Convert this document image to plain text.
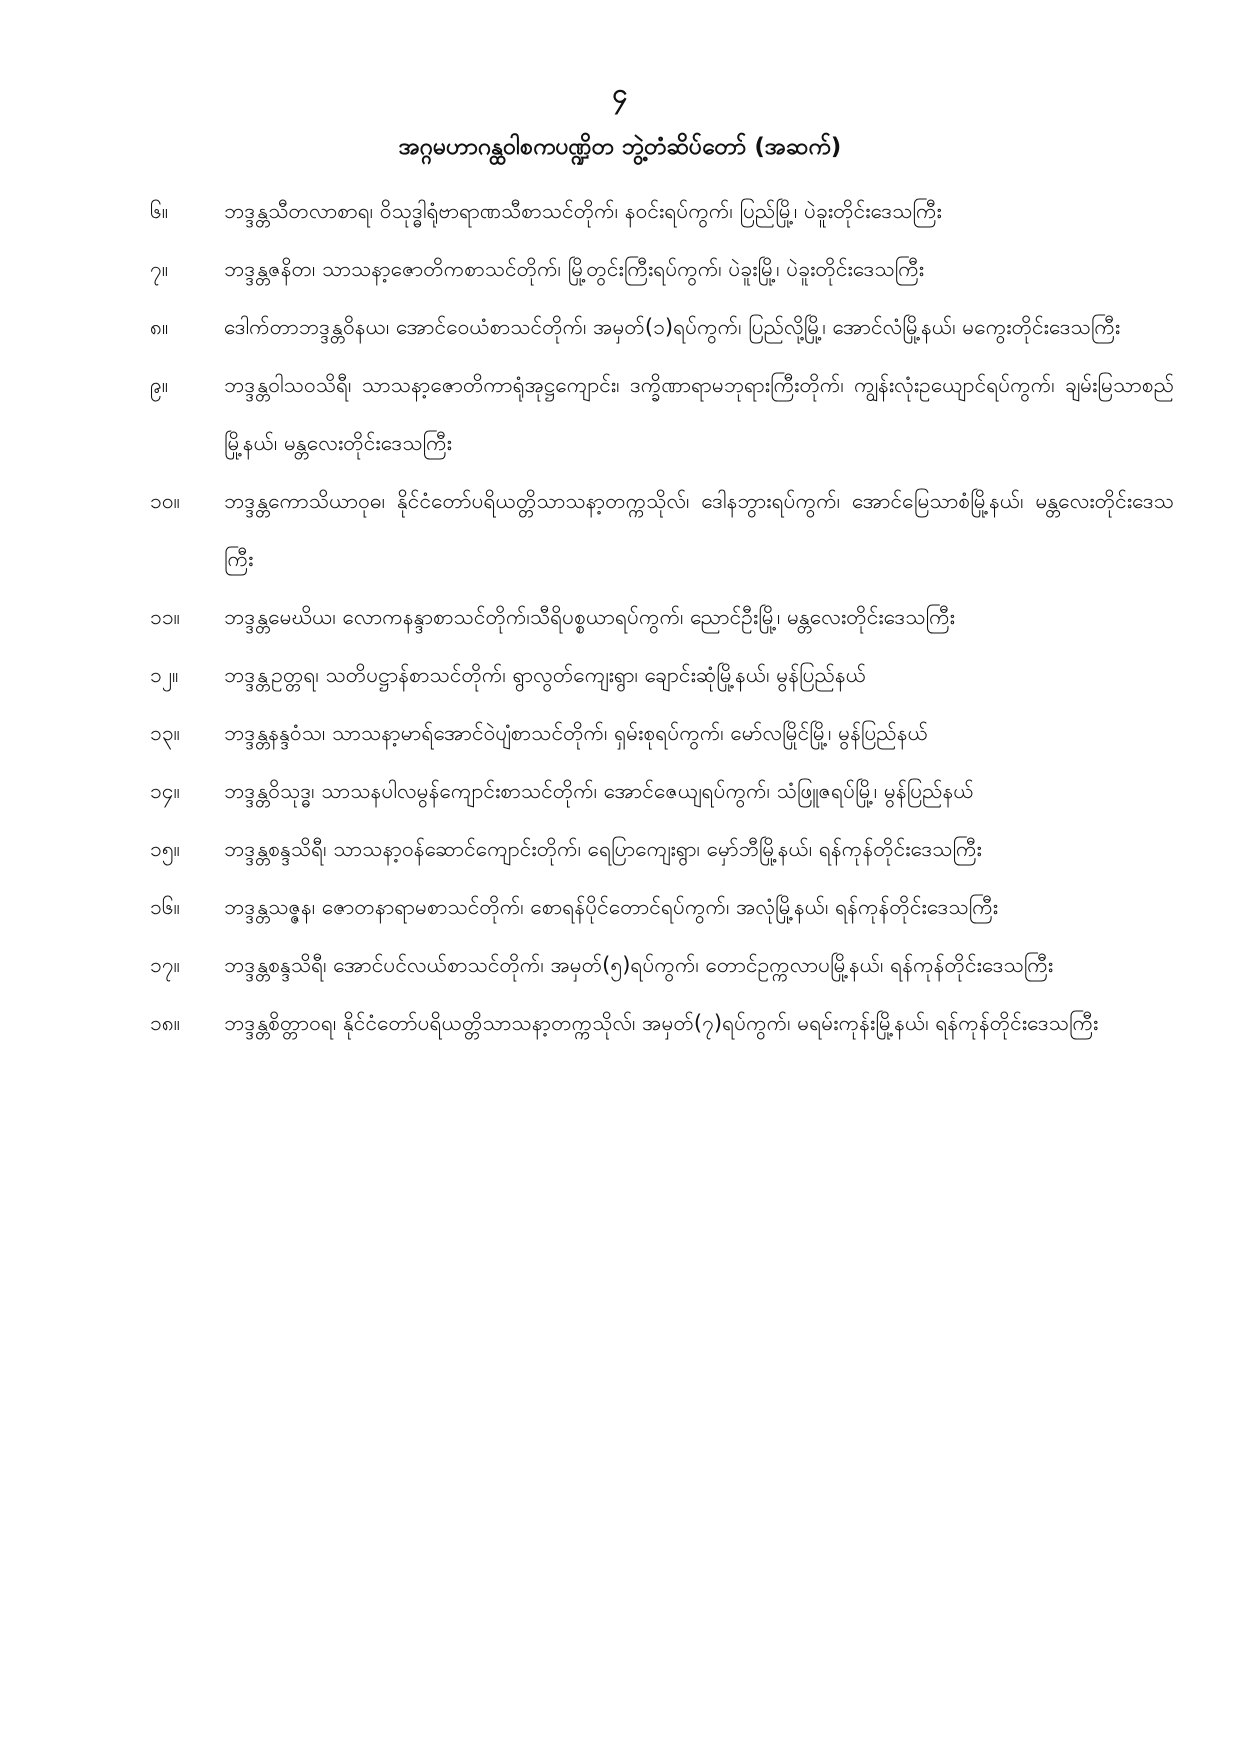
၄
အဂ္ဂမဟာဂန္ထဝါစကပဏ္ဍိတ ဘွဲ့တံဆိပ်တော် (အဆက်)
၆။	ဘဒ္ဒန္တသီတလာစာရ၊ ဝိသုဒ္ဓါရုံဗာရာဏသီစာသင်တိုက်၊ နဝင်းရပ်ကွက်၊ ပြည်မြို့၊ ပဲခူးတိုင်းဒေသကြီး
၇။	ဘဒ္ဒန္တဇနိတ၊ သာသနာ့ဇောတိကစာသင်တိုက်၊ မြို့တွင်းကြီးရပ်ကွက်၊ ပဲခူးမြို့၊ ပဲခူးတိုင်းဒေသကြီး
၈။	ဒေါက်တာဘဒ္ဒန္တဝိနယ၊ အောင်ဝေယံစာသင်တိုက်၊ အမှတ်(၁)ရပ်ကွက်၊ ပြည်လို့မြို့၊ အောင်လံမြို့နယ်၊ မကွေးတိုင်းဒေသကြီး
၉။	ဘဒ္ဒန္တဝါသဝသိရီ၊ သာသနာ့ဇောတိကာရုံအုဋ္ဌကျောင်း၊ ဒက္ခိဏာရာမဘုရားကြီးတိုက်၊ ကျွန်းလုံးဥယျောင်ရပ်ကွက်၊ ချမ်းမြသာစည်မြို့နယ်၊ မန္တလေးတိုင်းဒေသကြီး
၁၀။	ဘဒ္ဒန္တကောသိယာဝုဓ၊ နိုင်ငံတော်ပရိယတ္တိသာသနာ့တက္ကသိုလ်၊ ဒေါနဘွားရပ်ကွက်၊ အောင်မြေသာစံမြို့နယ်၊ မန္တလေးတိုင်းဒေသကြီး
၁၁။	ဘဒ္ဒန္တမေဃိယ၊ လောကနန္ဒာစာသင်တိုက်၊သီရိပစ္စယာရပ်ကွက်၊ ညောင်ဦးမြို့၊ မန္တလေးတိုင်းဒေသကြီး
၁၂။	ဘဒ္ဒန္တဥတ္တရ၊ သတိပဋ္ဌာန်စာသင်တိုက်၊ ရွာလွတ်ကျေးရွာ၊ ချောင်းဆုံမြို့နယ်၊ မွန်ပြည်နယ်
၁၃။	ဘဒ္ဒန္တနန္ဒဝံသ၊ သာသနာ့မာရ်အောင်ဝဲပျံစာသင်တိုက်၊ ရှမ်းစုရပ်ကွက်၊ မော်လမြိုင်မြို့၊ မွန်ပြည်နယ်
၁၄။	ဘဒ္ဒန္တဝိသုဒ္ဓ၊ သာသနပါလမွန်ကျောင်းစာသင်တိုက်၊ အောင်ဇေယျရပ်ကွက်၊ သံဖြူဇရပ်မြို့၊ မွန်ပြည်နယ်
၁၅။	ဘဒ္ဒန္တစန္ဒသိရီ၊ သာသနာ့ဝန်ဆောင်ကျောင်းတိုက်၊ ရေပြာကျေးရွာ၊ မှော်ဘီမြို့နယ်၊ ရန်ကုန်တိုင်းဒေသကြီး
၁၆။	ဘဒ္ဒန္တသဇ္ဇန၊ ဇောတနာရာမစာသင်တိုက်၊ စောရန်ပိုင်တောင်ရပ်ကွက်၊ အလုံမြို့နယ်၊ ရန်ကုန်တိုင်းဒေသကြီး
၁၇။	ဘဒ္ဒန္တစန္ဒသိရီ၊ အောင်ပင်လယ်စာသင်တိုက်၊ အမှတ်(၅)ရပ်ကွက်၊ တောင်ဥက္ကလာပမြို့နယ်၊ ရန်ကုန်တိုင်းဒေသကြီး
၁၈။	ဘဒ္ဒန္တစိတ္တာဝရ၊ နိုင်ငံတော်ပရိယတ္တိသာသနာ့တက္ကသိုလ်၊ အမှတ်(၇)ရပ်ကွက်၊ မရမ်းကုန်းမြို့နယ်၊ ရန်ကုန်တိုင်းဒေသကြီး
